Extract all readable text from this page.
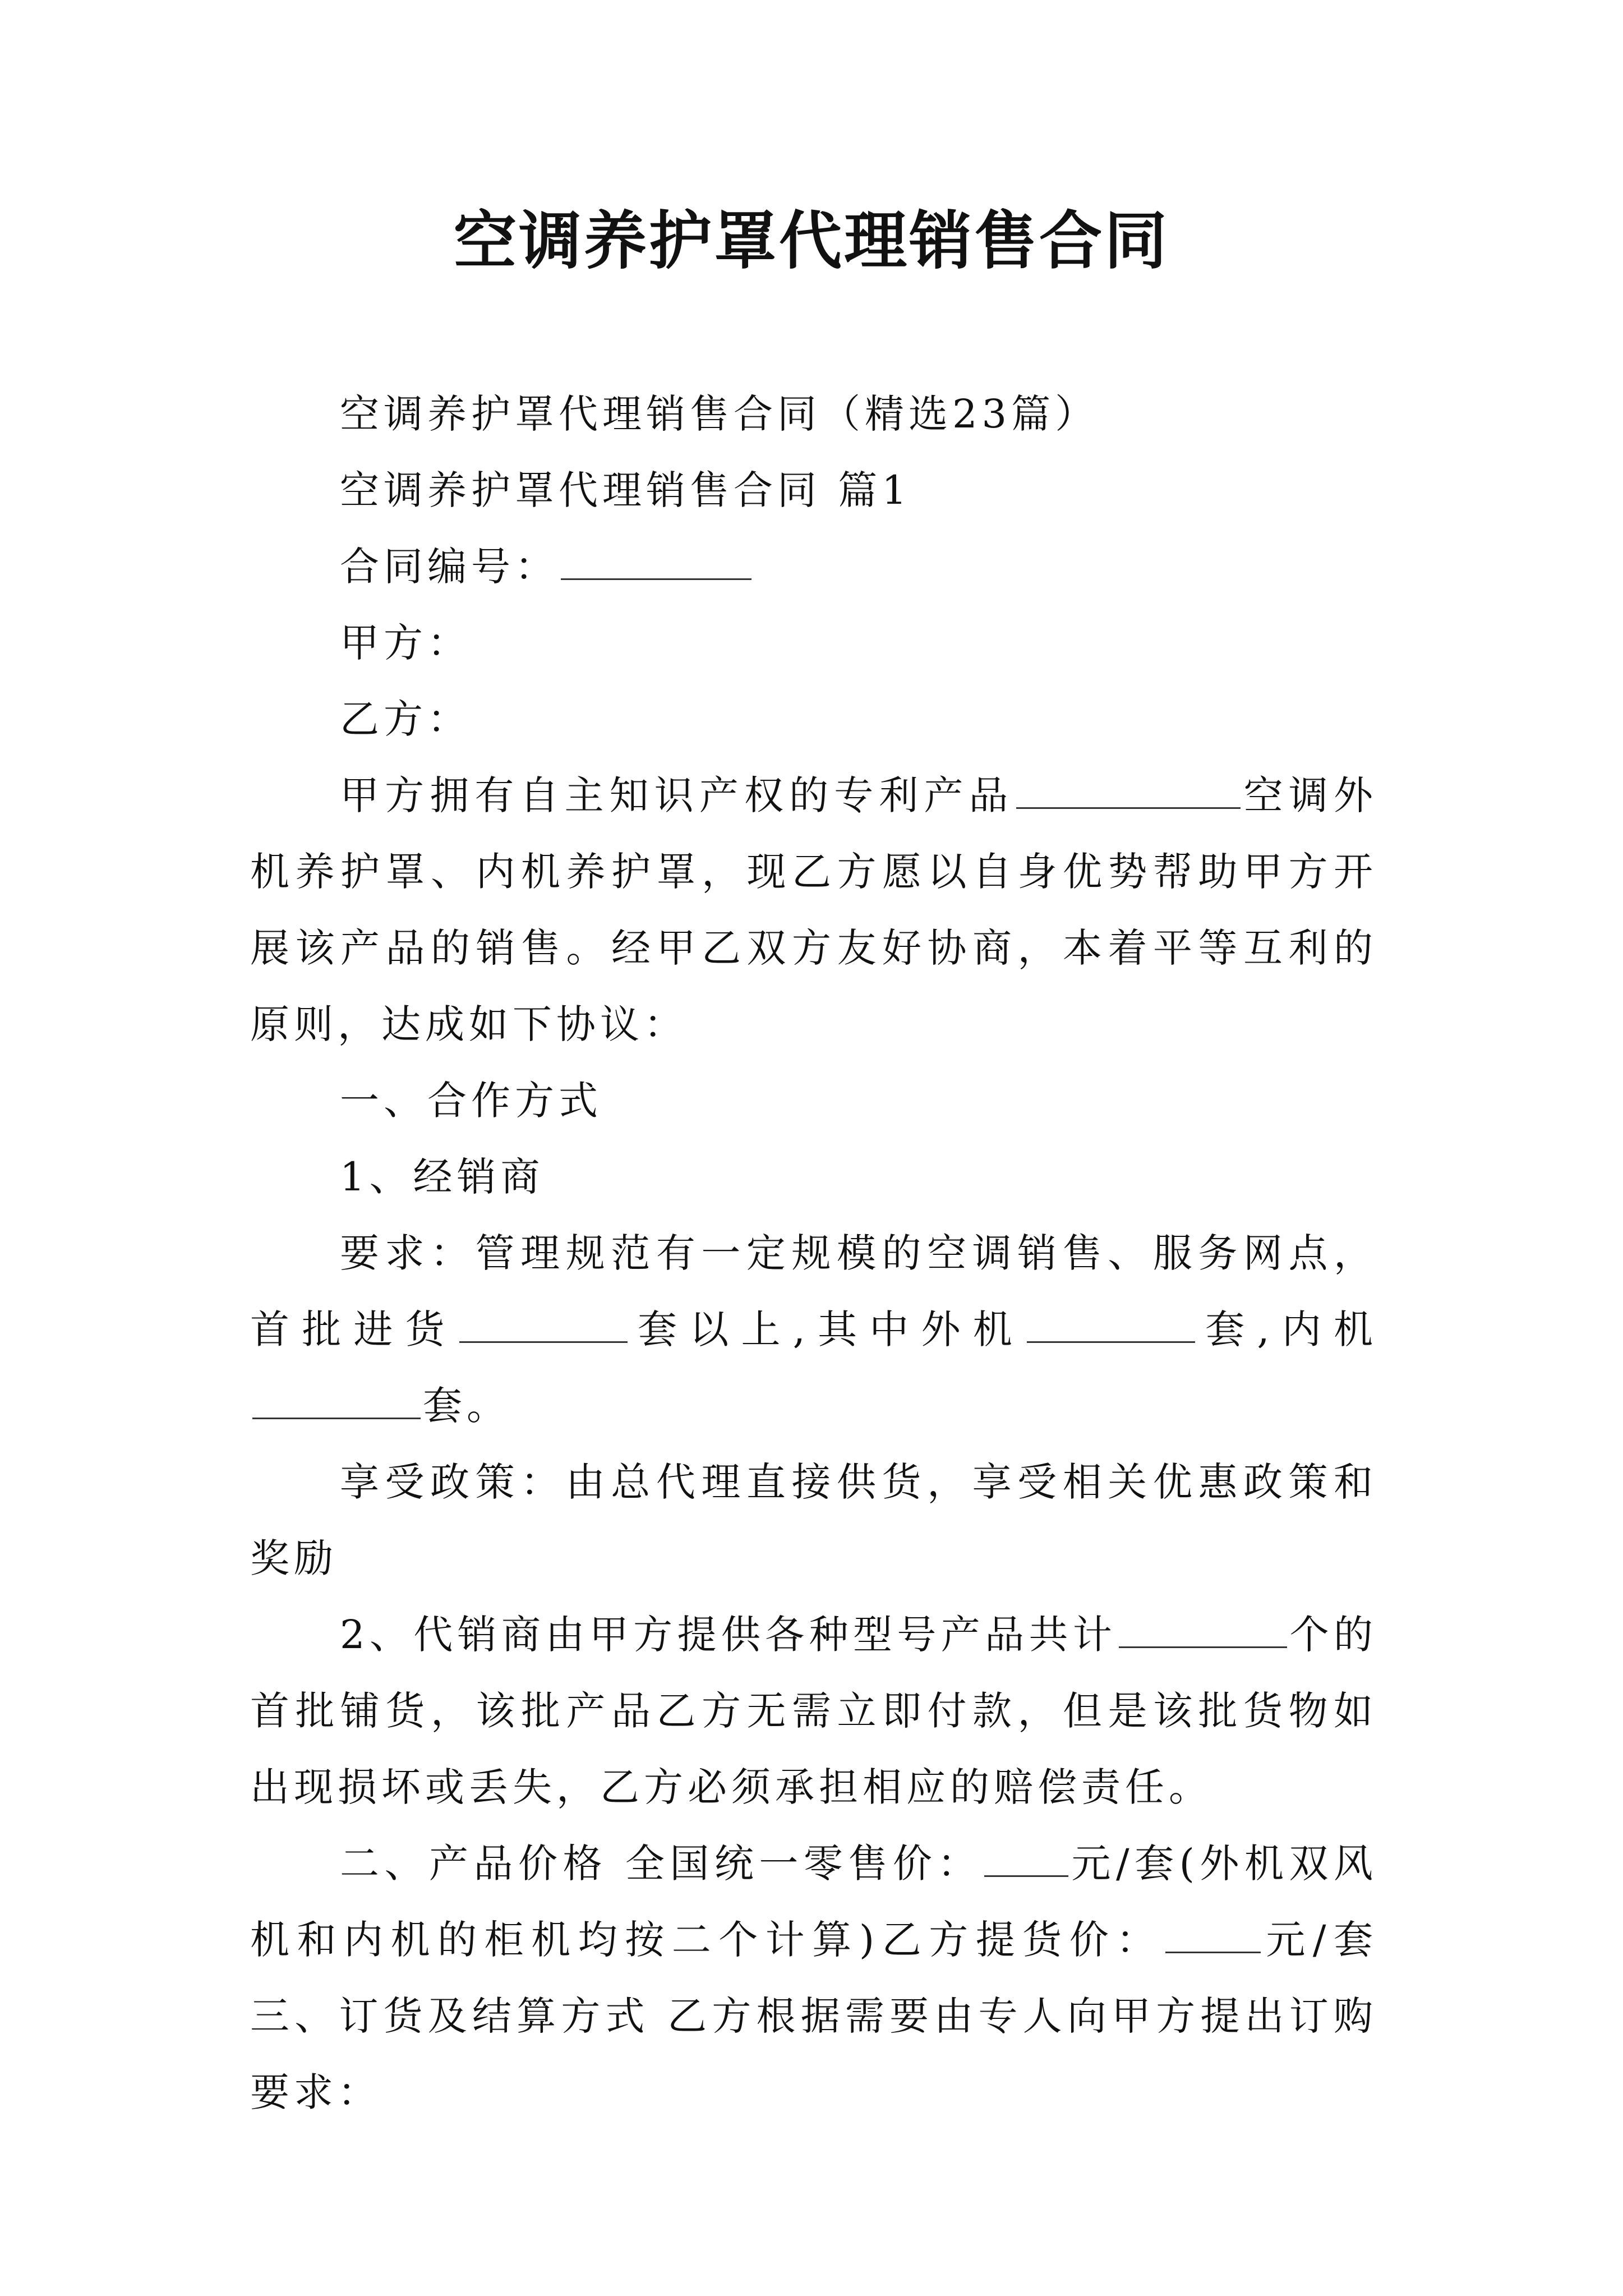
空调养护罩代理销售合同

空调养护罩代理销售合同（精选23篇）

空调养护罩代理销售合同 篇1

合同编号：

甲方：

乙方：

甲方拥有自主知识产权的专利产品	空调外机养护罩、内机养护罩，现乙方愿以自身优势帮助甲方开展该产品的销售。经甲乙双方友好协商，本着平等互利的原则，达成如下协议：

一、合作方式

1、经销商

要求：管理规范有一定规模的空调销售、服务网点，首批进货	套以上,其中外机	套,内机套。

享受政策：由总代理直接供货，享受相关优惠政策和奖励

2、代销商由甲方提供各种型号产品共计	个的首批铺货，该批产品乙方无需立即付款，但是该批货物如出现损坏或丢失，乙方必须承担相应的赔偿责任。

二、产品价格 全国统一零售价： 元/套(外机双风机和内机的柜机均按二个计算)乙方提货价：	元/套三、订货及结算方式 乙方根据需要由专人向甲方提出订购要求：
